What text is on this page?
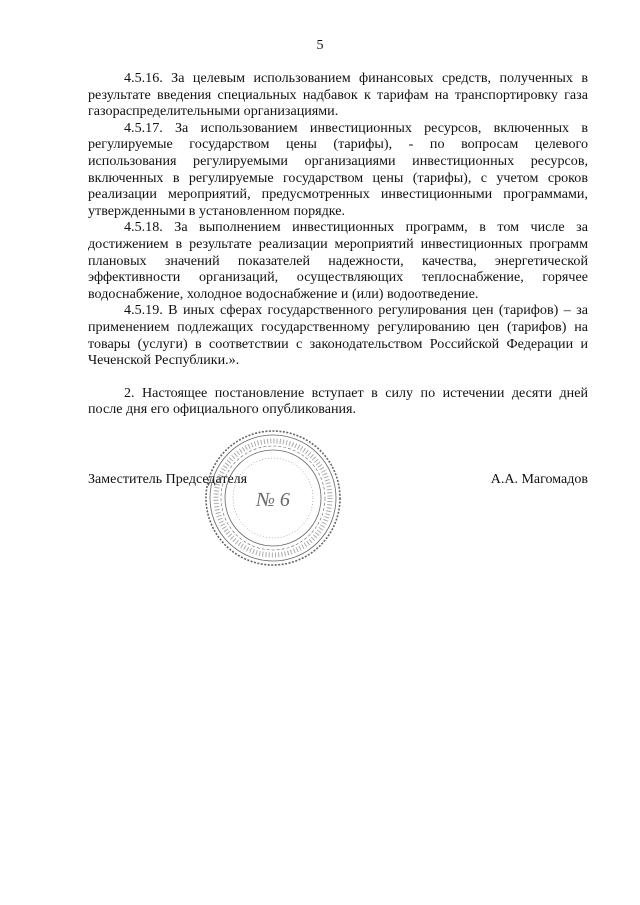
5

4.5.16. За целевым использованием финансовых средств, полученных в результате введения специальных надбавок к тарифам на транспортировку газа газораспределительными организациями.

4.5.17. За использованием инвестиционных ресурсов, включенных в регулируемые государством цены (тарифы), - по вопросам целевого использования регулируемыми организациями инвестиционных ресурсов, включенных в регулируемые государством цены (тарифы), с учетом сроков реализации мероприятий, предусмотренных инвестиционными программами, утвержденными в установленном порядке.

4.5.18. За выполнением инвестиционных программ, в том числе за достижением в результате реализации мероприятий инвестиционных программ плановых значений показателей надежности, качества, энергетической эффективности организаций, осуществляющих теплоснабжение, горячее водоснабжение, холодное водоснабжение и (или) водоотведение.

4.5.19. В иных сферах государственного регулирования цен (тарифов) – за применением подлежащих государственному регулированию цен (тарифов) на товары (услуги) в соответствии с законодательством Российской Федерации и Чеченской Республики.».

2. Настоящее постановление вступает в силу по истечении десяти дней после дня его официального опубликования.

Заместитель Председателя	А.А. Магомадов
№ 6
